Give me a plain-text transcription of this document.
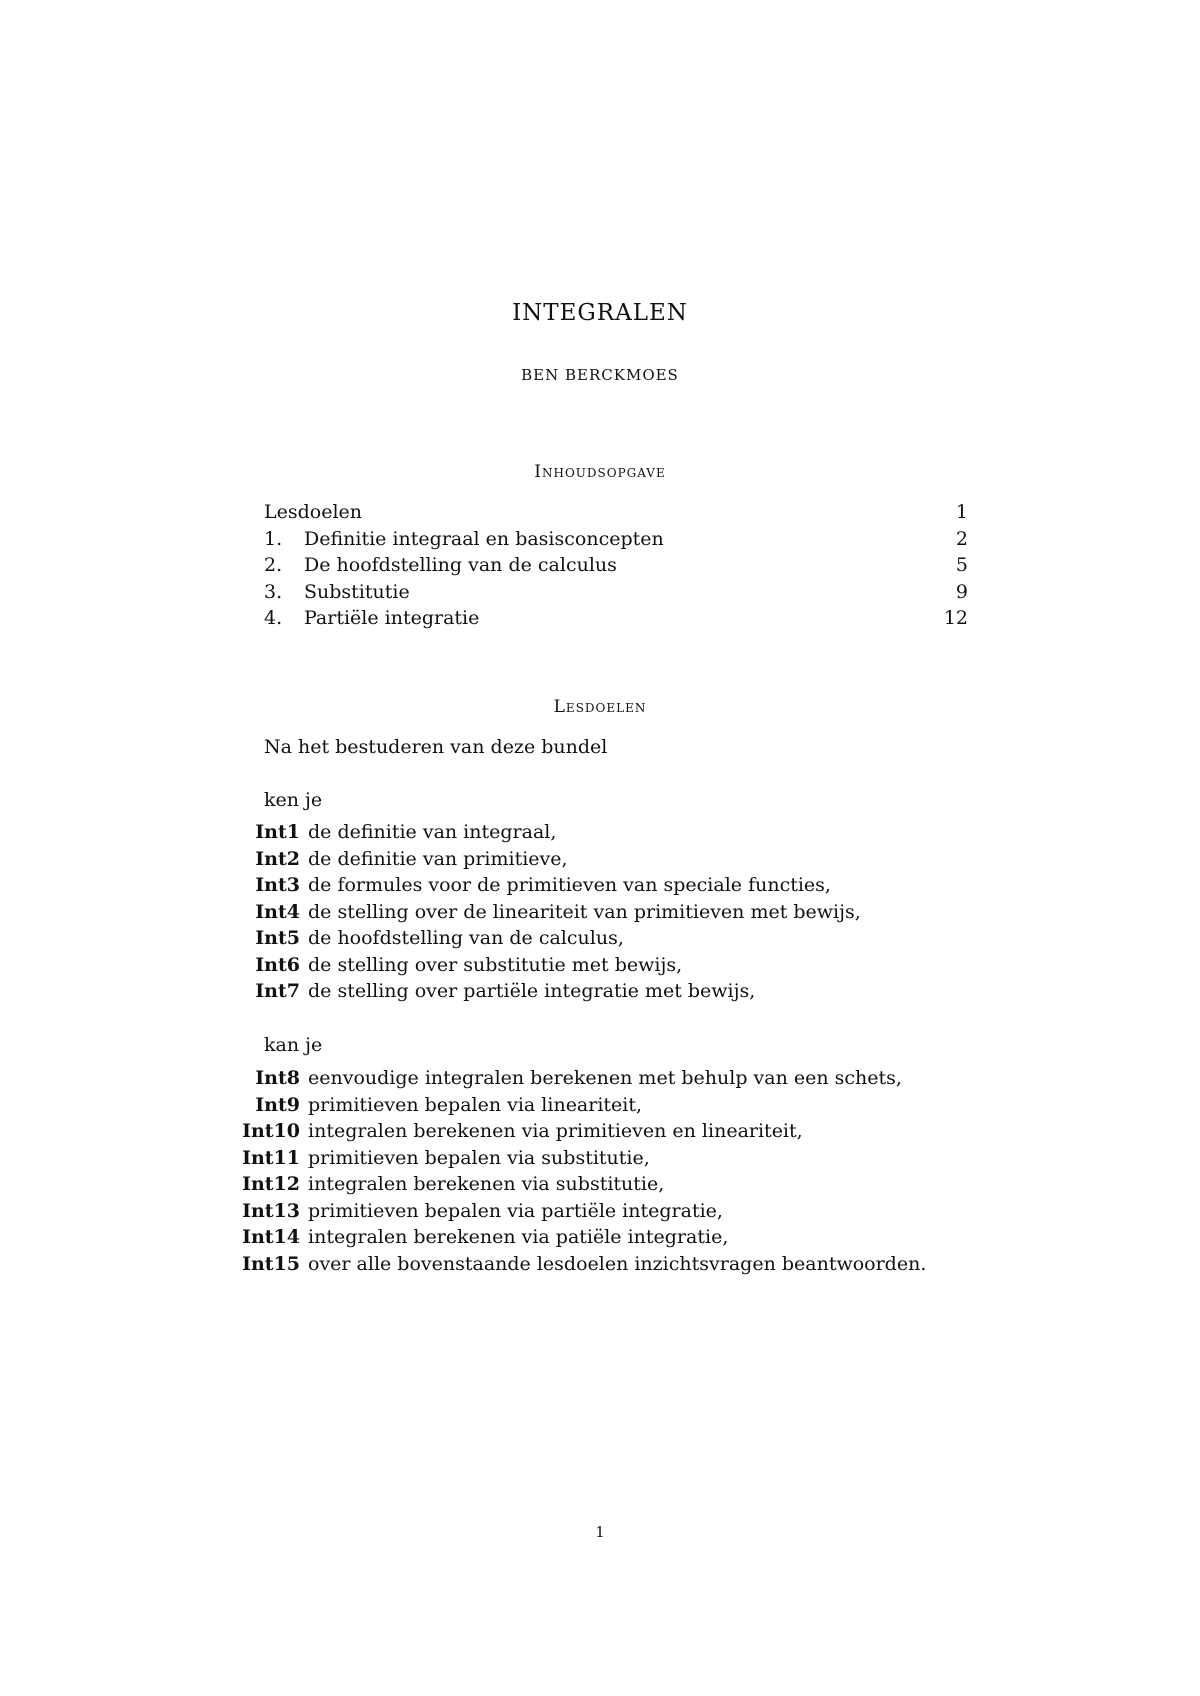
INTEGRALEN
BEN BERCKMOES
Inhoudsopgave
Lesdoelen	1
1.	Definitie integraal en basisconcepten	2
2.	De hoofdstelling van de calculus	5
3.	Substitutie	9
4.	Partiële integratie	12
Lesdoelen
Na het bestuderen van deze bundel
ken je
Int1 de definitie van integraal,
Int2 de definitie van primitieve,
Int3 de formules voor de primitieven van speciale functies,
Int4 de stelling over de lineariteit van primitieven met bewijs,
Int5 de hoofdstelling van de calculus,
Int6 de stelling over substitutie met bewijs,
Int7 de stelling over partiële integratie met bewijs,
kan je
Int8 eenvoudige integralen berekenen met behulp van een schets,
Int9 primitieven bepalen via lineariteit,
Int10 integralen berekenen via primitieven en lineariteit,
Int11 primitieven bepalen via substitutie,
Int12 integralen berekenen via substitutie,
Int13 primitieven bepalen via partiële integratie,
Int14 integralen berekenen via patiële integratie,
Int15 over alle bovenstaande lesdoelen inzichtsvragen beantwoorden.
1
